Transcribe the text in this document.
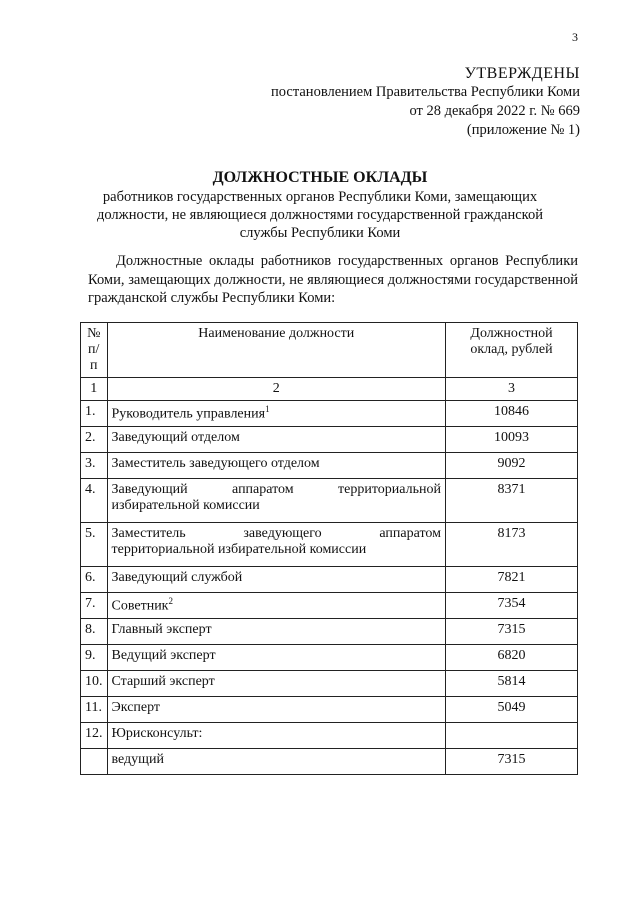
3
УТВЕРЖДЕНЫ
постановлением Правительства Республики Коми
от 28 декабря 2022 г. № 669
(приложение № 1)
ДОЛЖНОСТНЫЕ ОКЛАДЫ
работников государственных органов Республики Коми, замещающих
должности, не являющиеся должностями государственной гражданской
службы Республики Коми
Должностные оклады работников государственных органов Республики Коми, замещающих должности, не являющиеся должностями государственной гражданской службы Республики Коми:
№ п/п	Наименование должности	Должностной оклад, рублей
1	2	3
1.	Руководитель управления$^1$	10846
2.	Заведующий отделом	10093
3.	Заместитель заведующего отделом	9092
4.	Заведующий аппаратом территориальной
избирательной комиссии	8371
5.	Заместитель заведующего аппаратом
территориальной избирательной комиссии	8173
6.	Заведующий службой	7821
7.	Советник$^2$	7354
8.	Главный эксперт	7315
9.	Ведущий эксперт	6820
10.	Старший эксперт	5814
11.	Эксперт	5049
12.	Юрисконсульт:	
	ведущий	7315
